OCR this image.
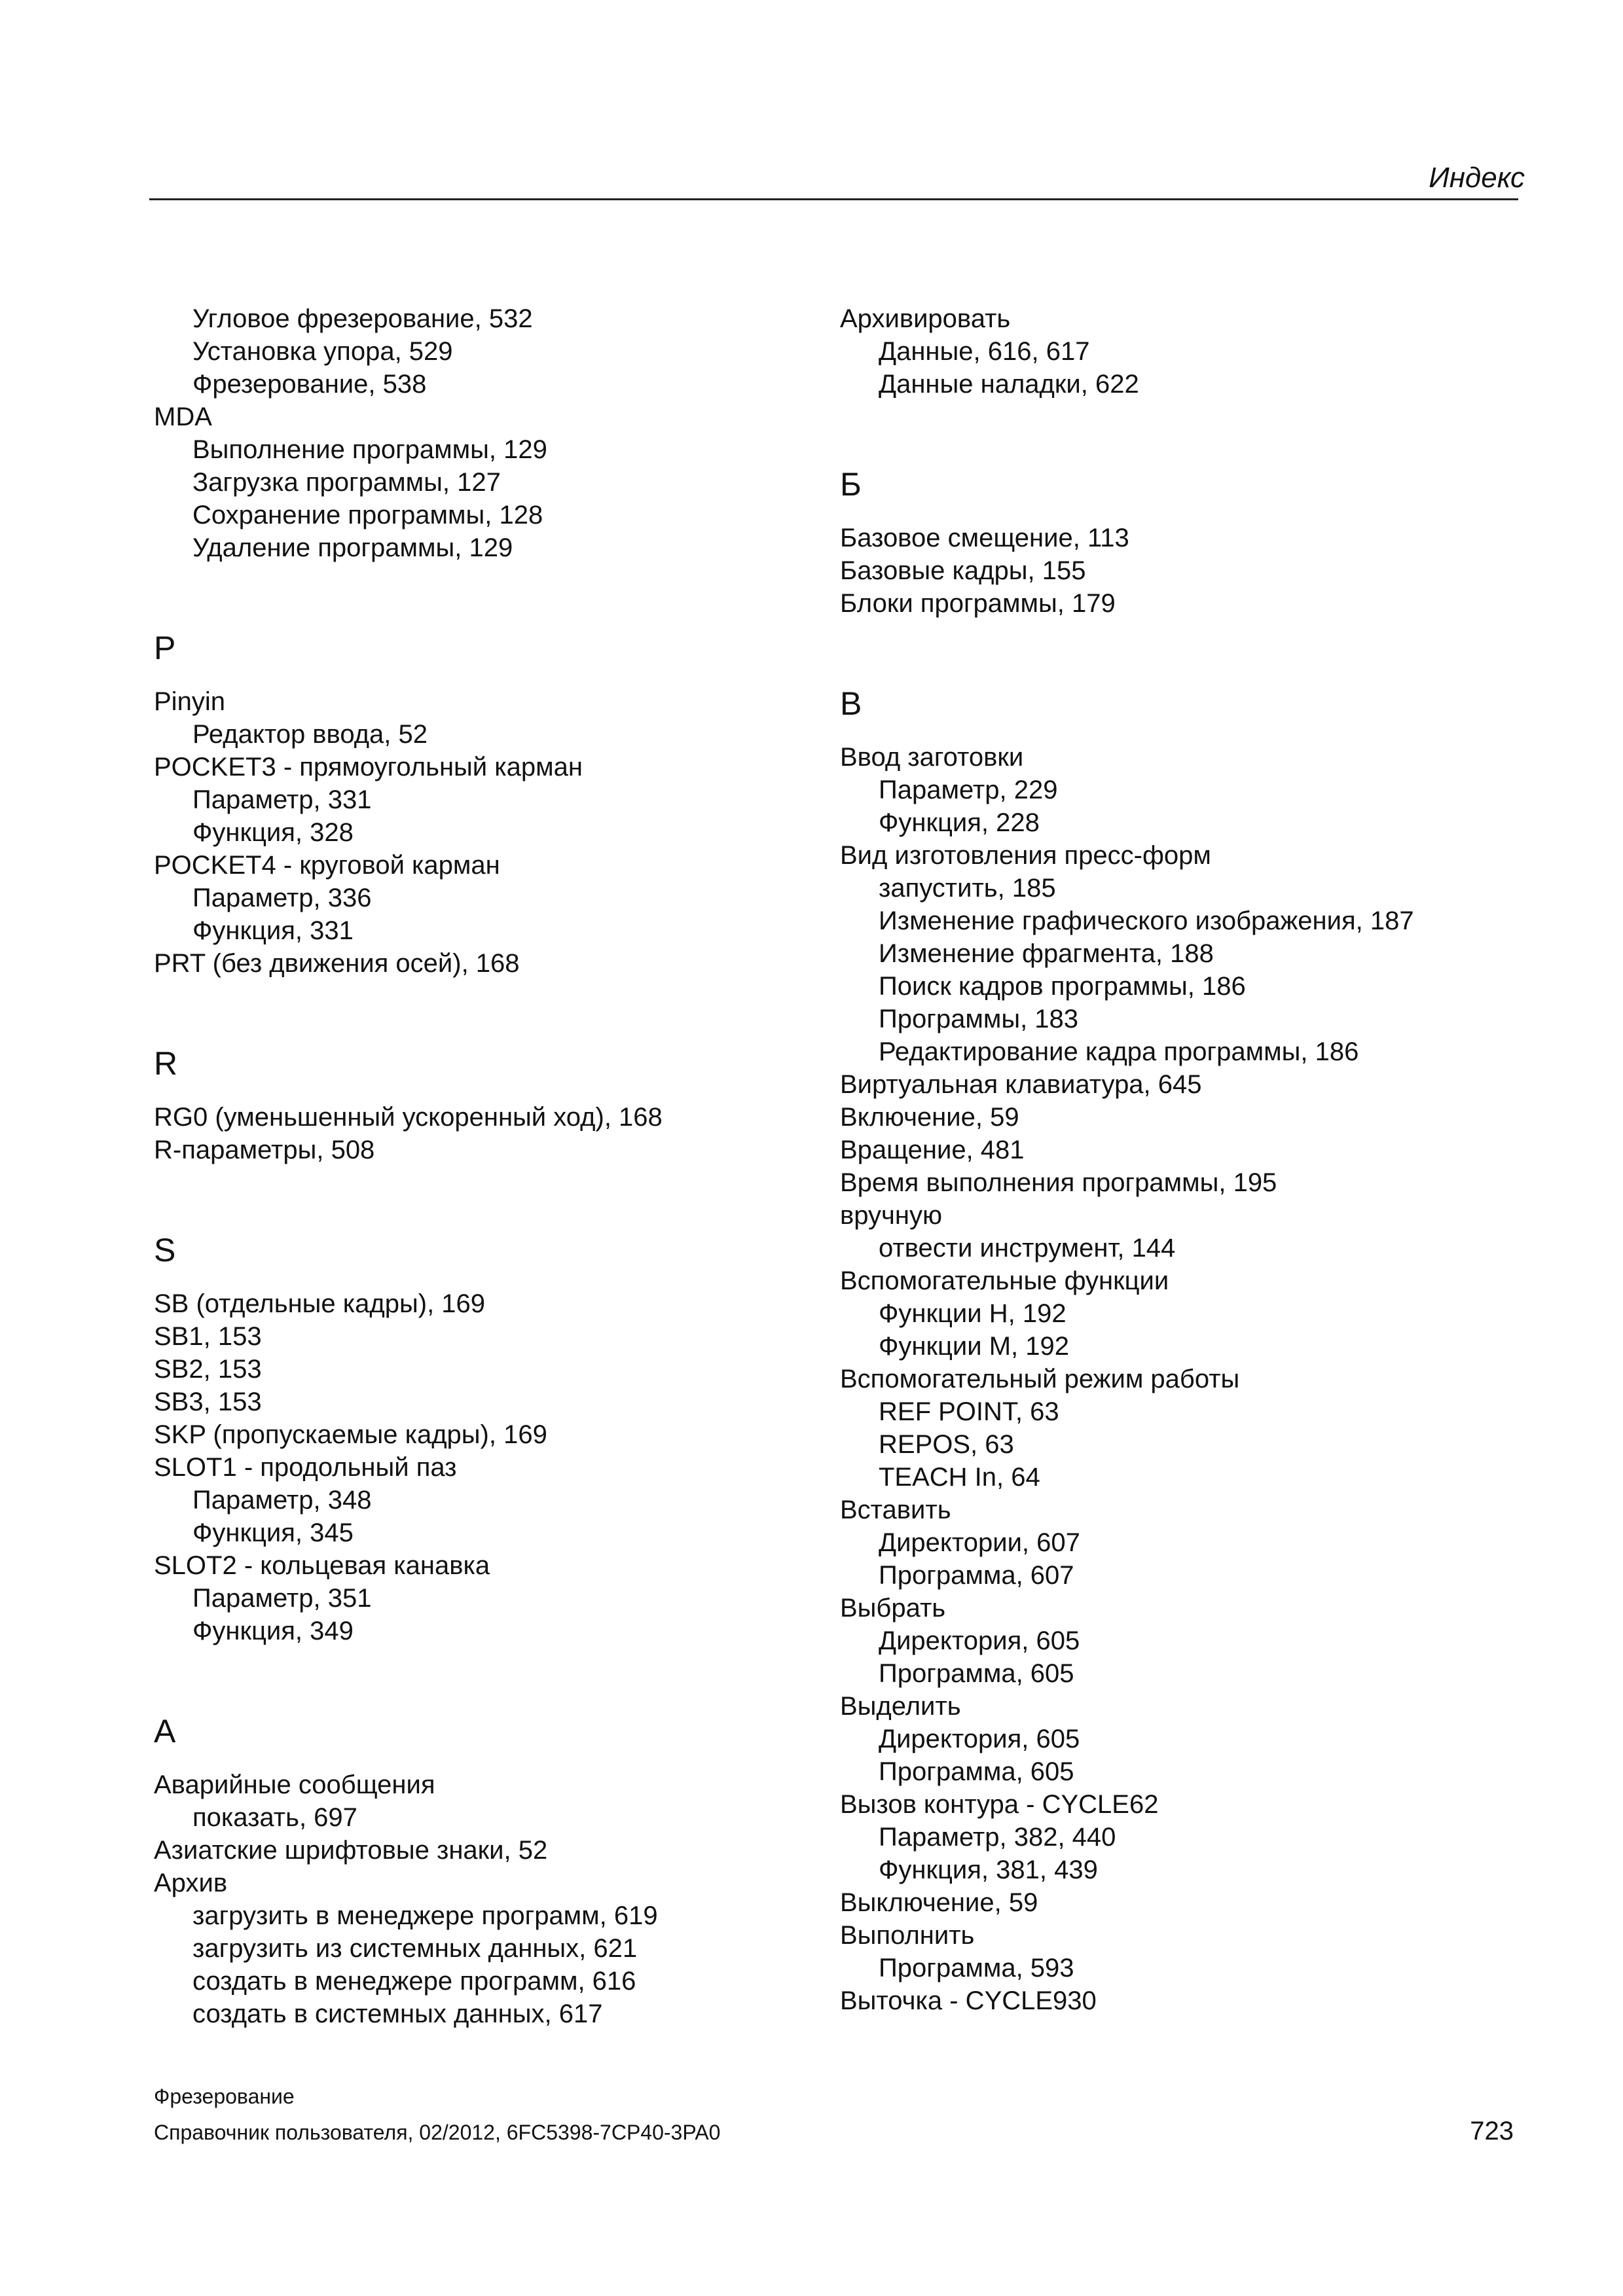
Индекс
Угловое фрезерование, 532
Установка упора, 529
Фрезерование, 538
MDA
Выполнение программы, 129
Загрузка программы, 127
Сохранение программы, 128
Удаление программы, 129
P
Pinyin
Редактор ввода, 52
POCKET3 - прямоугольный карман
Параметр, 331
Функция, 328
POCKET4 - круговой карман
Параметр, 336
Функция, 331
PRT (без движения осей), 168
R
RG0 (уменьшенный ускоренный ход), 168
R-параметры, 508
S
SB (отдельные кадры), 169
SB1, 153
SB2, 153
SB3, 153
SKP (пропускаемые кадры), 169
SLOT1 - продольный паз
Параметр, 348
Функция, 345
SLOT2 - кольцевая канавка
Параметр, 351
Функция, 349
А
Аварийные сообщения
показать, 697
Азиатские шрифтовые знаки, 52
Архив
загрузить в менеджере программ, 619
загрузить из системных данных, 621
создать в менеджере программ, 616
создать в системных данных, 617
Архивировать
Данные, 616, 617
Данные наладки, 622
Б
Базовое смещение, 113
Базовые кадры, 155
Блоки программы, 179
В
Ввод заготовки
Параметр, 229
Функция, 228
Вид изготовления пресс-форм
запустить, 185
Изменение графического изображения, 187
Изменение фрагмента, 188
Поиск кадров программы, 186
Программы, 183
Редактирование кадра программы, 186
Виртуальная клавиатура, 645
Включение, 59
Вращение, 481
Время выполнения программы, 195
вручную
отвести инструмент, 144
Вспомогательные функции
Функции H, 192
Функции M, 192
Вспомогательный режим работы
REF POINT, 63
REPOS, 63
TEACH In, 64
Вставить
Директории, 607
Программа, 607
Выбрать
Директория, 605
Программа, 605
Выделить
Директория, 605
Программа, 605
Вызов контура - CYCLE62
Параметр, 382, 440
Функция, 381, 439
Выключение, 59
Выполнить
Программа, 593
Выточка - CYCLE930
Фрезерование
Справочник пользователя, 02/2012, 6FC5398-7CP40-3PA0	723
